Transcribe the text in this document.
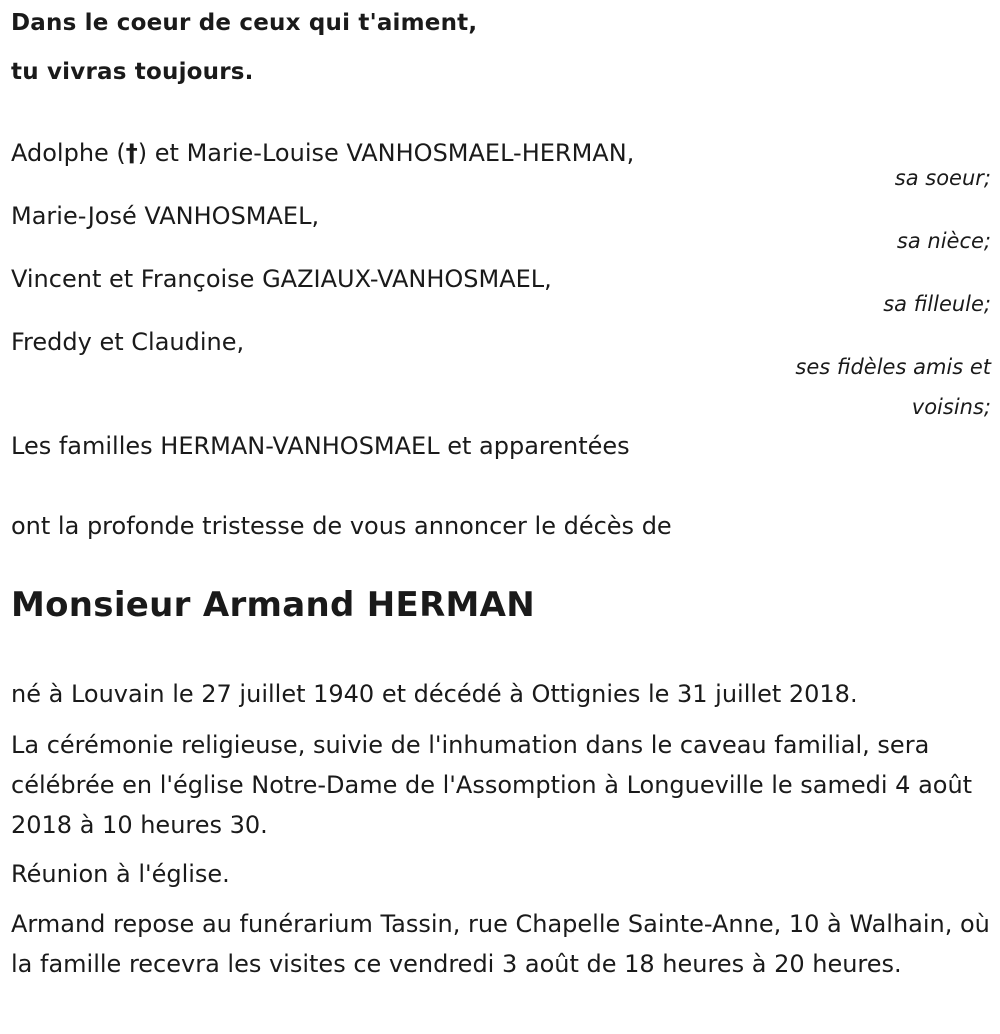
Dans le coeur de ceux qui t'aiment,
tu vivras toujours.
Adolphe (†) et Marie-Louise VANHOSMAEL-HERMAN,
sa soeur;
Marie-José VANHOSMAEL,
sa nièce;
Vincent et Françoise GAZIAUX-VANHOSMAEL,
sa filleule;
Freddy et Claudine,
ses fidèles amis et voisins;
Les familles HERMAN-VANHOSMAEL et apparentées
ont la profonde tristesse de vous annoncer le décès de
Monsieur Armand HERMAN
né à Louvain le 27 juillet 1940 et décédé à Ottignies le 31 juillet 2018.
La cérémonie religieuse, suivie de l'inhumation dans le caveau familial, sera célébrée en l'église Notre-Dame de l'Assomption à Longueville le samedi 4 août 2018 à 10 heures 30.
Réunion à l'église.
Armand repose au funérarium Tassin, rue Chapelle Sainte-Anne, 10 à Walhain, où la famille recevra les visites ce vendredi 3 août de 18 heures à 20 heures.
